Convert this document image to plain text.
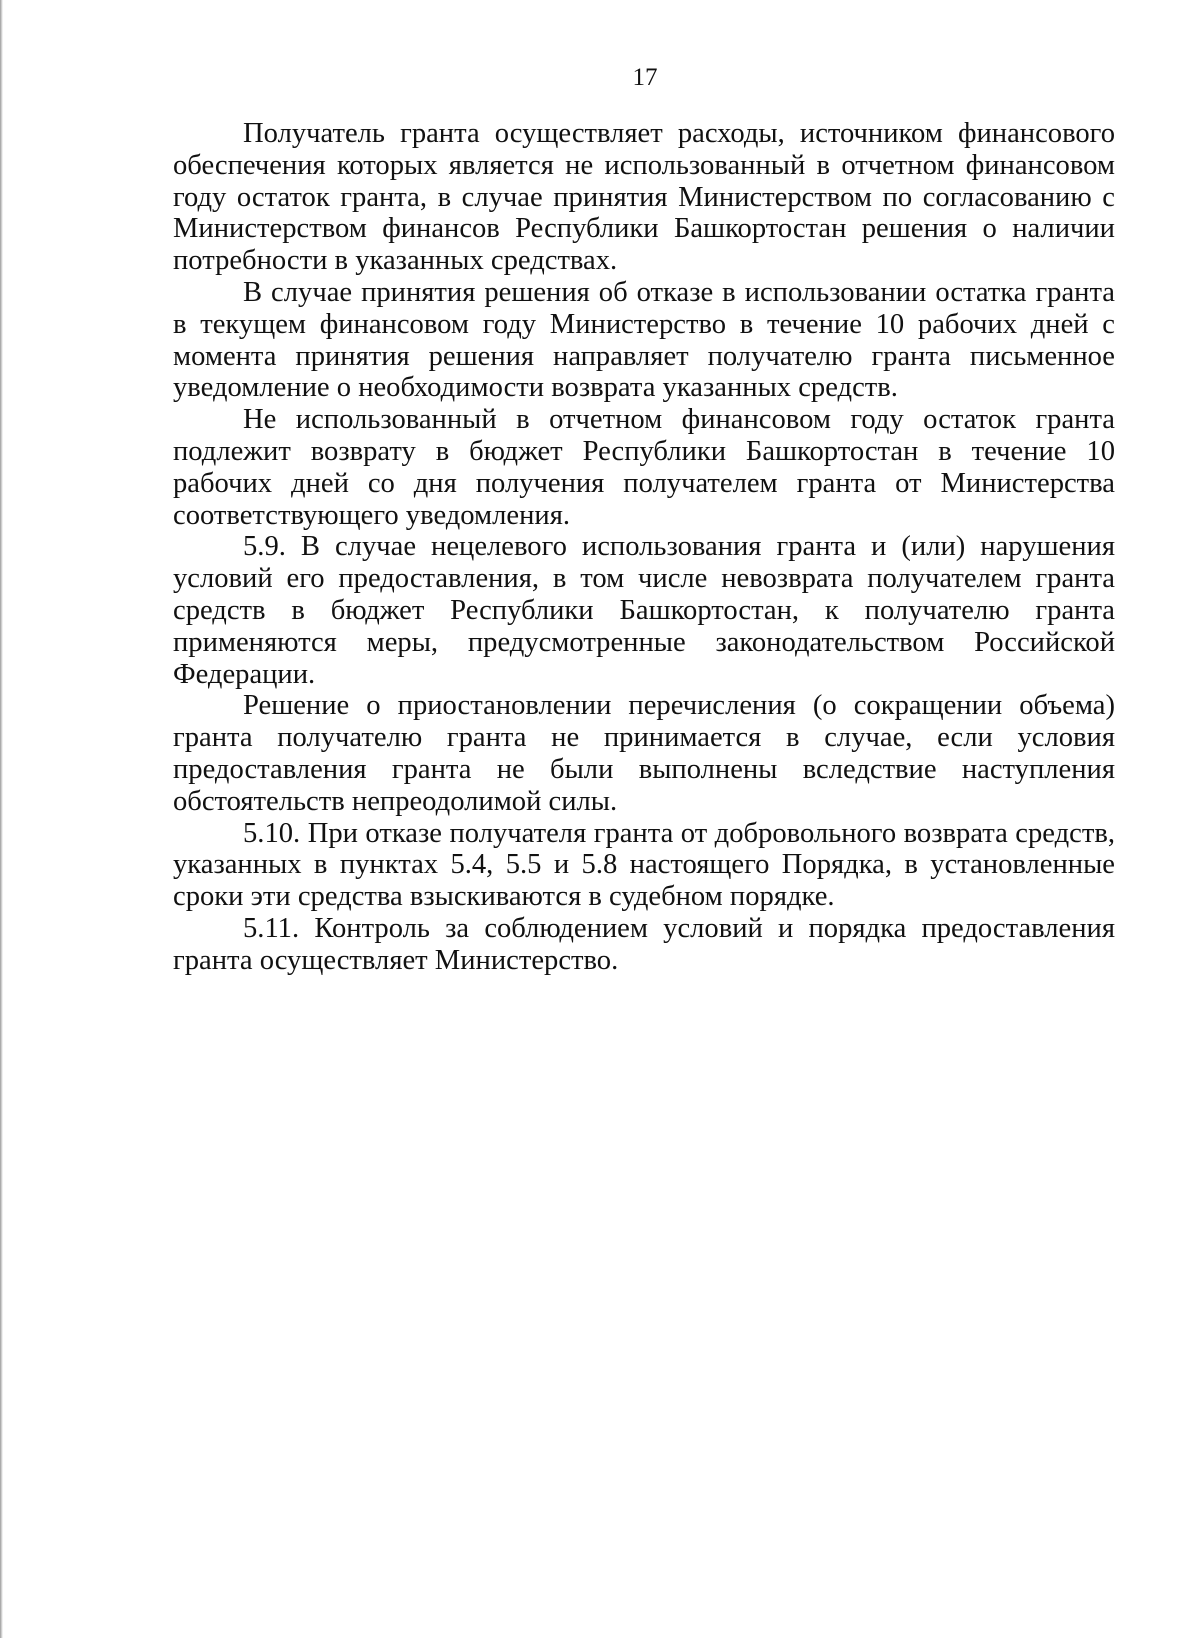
17

Получатель гранта осуществляет расходы, источником финансового обеспечения которых является не использованный в отчетном финансовом году остаток гранта, в случае принятия Министерством по согласованию с Министерством финансов Республики Башкортостан решения о наличии потребности в указанных средствах.

В случае принятия решения об отказе в использовании остатка гранта в текущем финансовом году Министерство в течение 10 рабочих дней с момента принятия решения направляет получателю гранта письменное уведомление о необходимости возврата указанных средств.

Не использованный в отчетном финансовом году остаток гранта подлежит возврату в бюджет Республики Башкортостан в течение 10 рабочих дней со дня получения получателем гранта от Министерства соответствующего уведомления.

5.9. В случае нецелевого использования гранта и (или) нарушения условий его предоставления, в том числе невозврата получателем гранта средств в бюджет Республики Башкортостан, к получателю гранта применяются меры, предусмотренные законодательством Российской Федерации.

Решение о приостановлении перечисления (о сокращении объема) гранта получателю гранта не принимается в случае, если условия предоставления гранта не были выполнены вследствие наступления обстоятельств непреодолимой силы.

5.10. При отказе получателя гранта от добровольного возврата средств, указанных в пунктах 5.4, 5.5 и 5.8 настоящего Порядка, в установленные сроки эти средства взыскиваются в судебном порядке.

5.11. Контроль за соблюдением условий и порядка предоставления гранта осуществляет Министерство.
